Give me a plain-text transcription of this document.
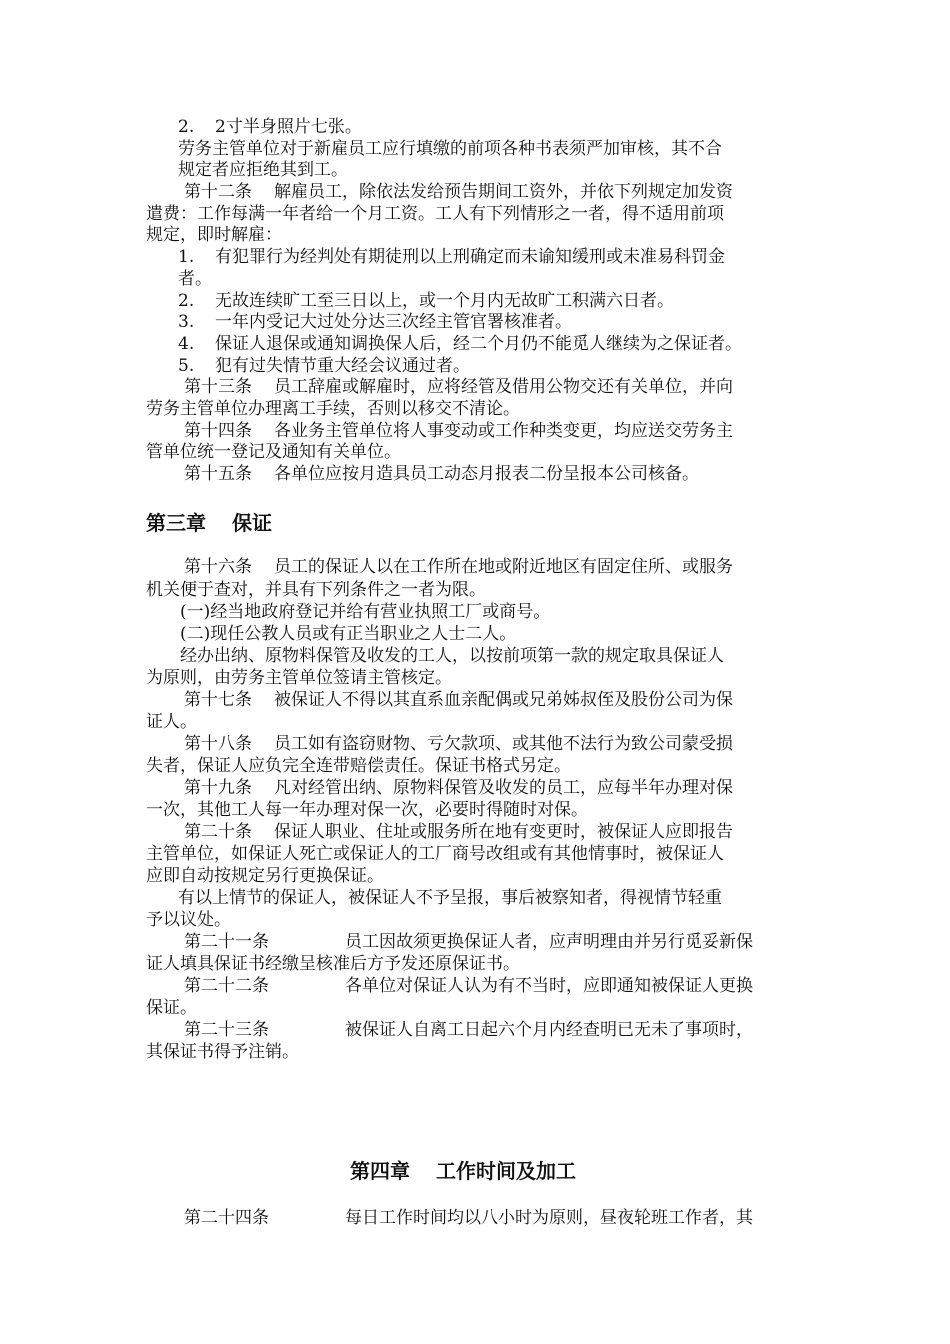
2. 2寸半身照片七张。
劳务主管单位对于新雇员工应行填缴的前项各种书表须严加审核，其不合
规定者应拒绝其到工。
第十二条 解雇员工，除依法发给预告期间工资外，并依下列规定加发资
遣费：工作每满一年者给一个月工资。工人有下列情形之一者，得不适用前项
规定，即时解雇：
1. 有犯罪行为经判处有期徒刑以上刑确定而未谕知缓刑或未准易科罚金
者。
2. 无故连续旷工至三日以上，或一个月内无故旷工积满六日者。
3. 一年内受记大过处分达三次经主管官署核准者。
4. 保证人退保或通知调换保人后，经二个月仍不能觅人继续为之保证者。
5. 犯有过失情节重大经会议通过者。
第十三条 员工辞雇或解雇时，应将经管及借用公物交还有关单位，并向
劳务主管单位办理离工手续，否则以移交不清论。
第十四条 各业务主管单位将人事变动或工作种类变更，均应送交劳务主
管单位统一登记及通知有关单位。
第十五条 各单位应按月造具员工动态月报表二份呈报本公司核备。
第三章 保证
第十六条 员工的保证人以在工作所在地或附近地区有固定住所、或服务
机关便于查对，并具有下列条件之一者为限。
(一)经当地政府登记并给有营业执照工厂或商号。
(二)现任公教人员或有正当职业之人士二人。
经办出纳、原物料保管及收发的工人，以按前项第一款的规定取具保证人
为原则，由劳务主管单位签请主管核定。
第十七条 被保证人不得以其直系血亲配偶或兄弟姊叔侄及股份公司为保
证人。
第十八条 员工如有盗窃财物、亏欠款项、或其他不法行为致公司蒙受损
失者，保证人应负完全连带赔偿责任。保证书格式另定。
第十九条 凡对经管出纳、原物料保管及收发的员工，应每半年办理对保
一次，其他工人每一年办理对保一次，必要时得随时对保。
第二十条 保证人职业、住址或服务所在地有变更时，被保证人应即报告
主管单位，如保证人死亡或保证人的工厂商号改组或有其他情事时，被保证人
应即自动按规定另行更换保证。
有以上情节的保证人，被保证人不予呈报，事后被察知者，得视情节轻重
予以议处。
第二十一条	员工因故须更换保证人者，应声明理由并另行觅妥新保
证人填具保证书经缴呈核准后方予发还原保证书。
第二十二条	各单位对保证人认为有不当时，应即通知被保证人更换
保证。
第二十三条	被保证人自离工日起六个月内经查明已无未了事项时，
其保证书得予注销。
第四章 工作时间及加工
第二十四条	每日工作时间均以八小时为原则，昼夜轮班工作者，其
